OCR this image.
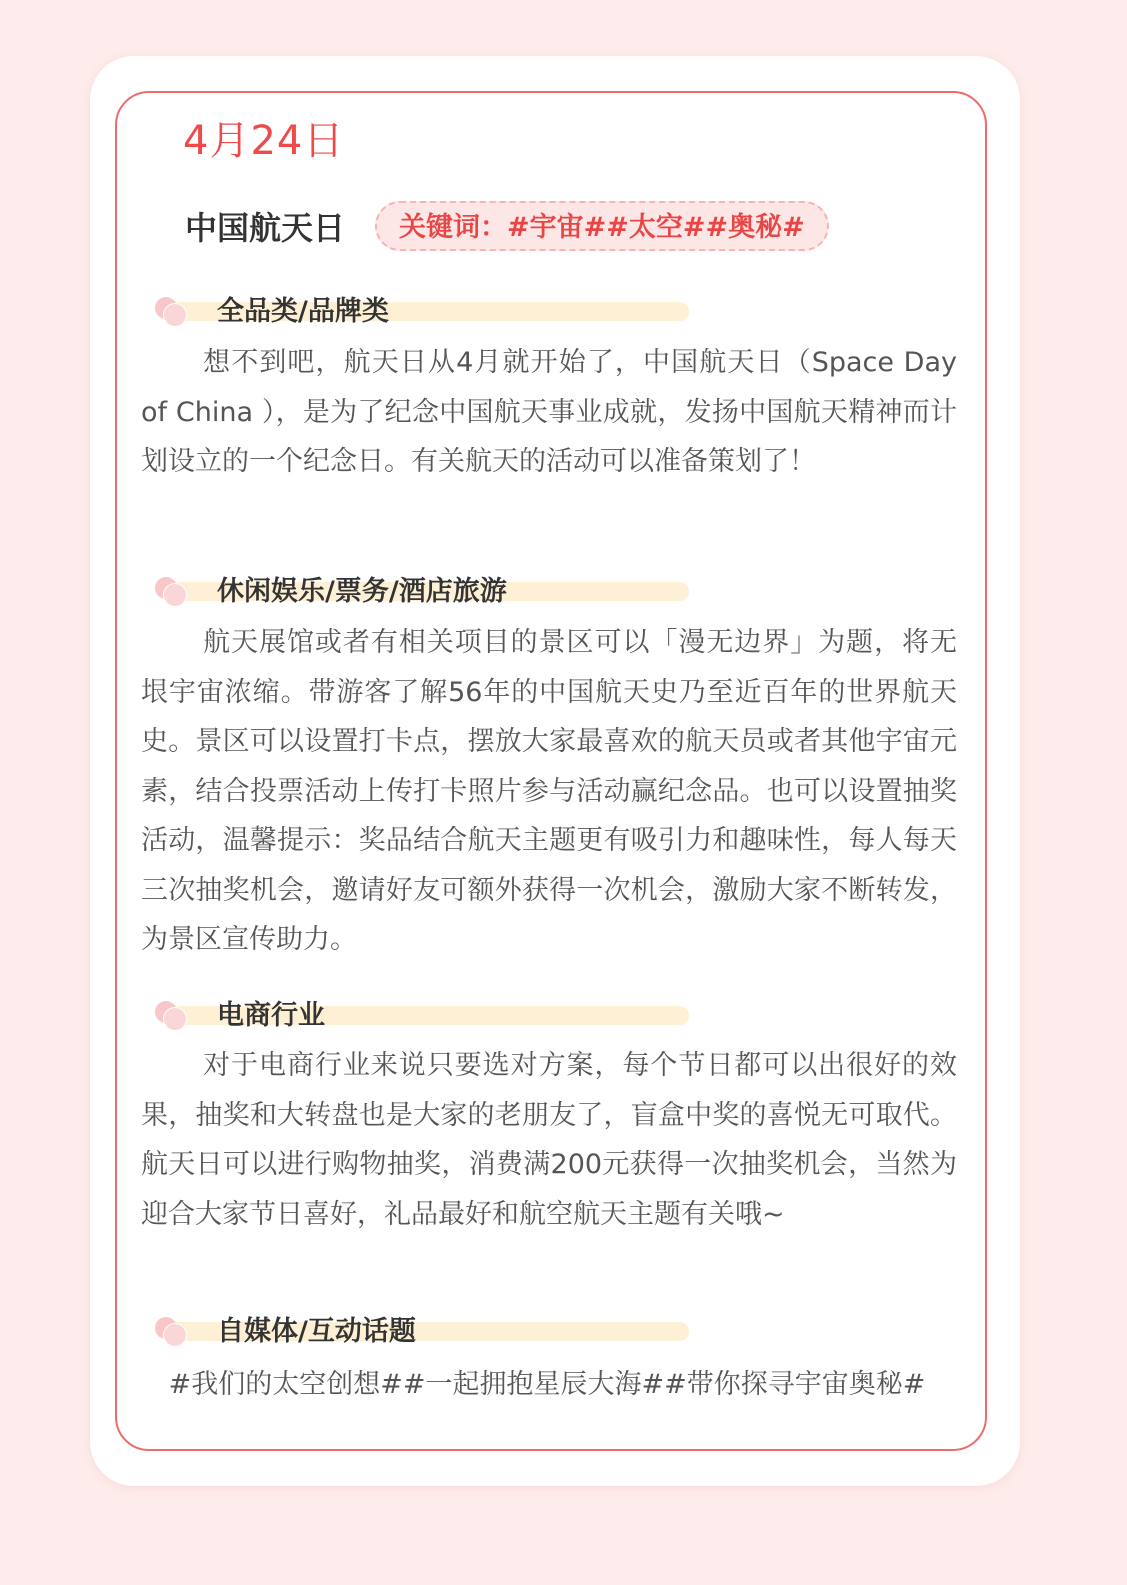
4月24日
中国航天日	关键词：#宇宙##太空##奥秘#
全品类/品牌类

想不到吧，航天日从4月就开始了，中国航天日（Space Day of China ），是为了纪念中国航天事业成就，发扬中国航天精神而计划设立的一个纪念日。有关航天的活动可以准备策划了！

休闲娱乐/票务/酒店旅游

航天展馆或者有相关项目的景区可以「漫无边界」为题，将无垠宇宙浓缩。带游客了解56年的中国航天史乃至近百年的世界航天史。景区可以设置打卡点，摆放大家最喜欢的航天员或者其他宇宙元素，结合投票活动上传打卡照片参与活动赢纪念品。也可以设置抽奖活动，温馨提示：奖品结合航天主题更有吸引力和趣味性，每人每天三次抽奖机会，邀请好友可额外获得一次机会，激励大家不断转发，为景区宣传助力。

电商行业

对于电商行业来说只要选对方案，每个节日都可以出很好的效果，抽奖和大转盘也是大家的老朋友了，盲盒中奖的喜悦无可取代。航天日可以进行购物抽奖，消费满200元获得一次抽奖机会，当然为迎合大家节日喜好，礼品最好和航空航天主题有关哦~

自媒体/互动话题
#我们的太空创想##一起拥抱星辰大海##带你探寻宇宙奥秘#
